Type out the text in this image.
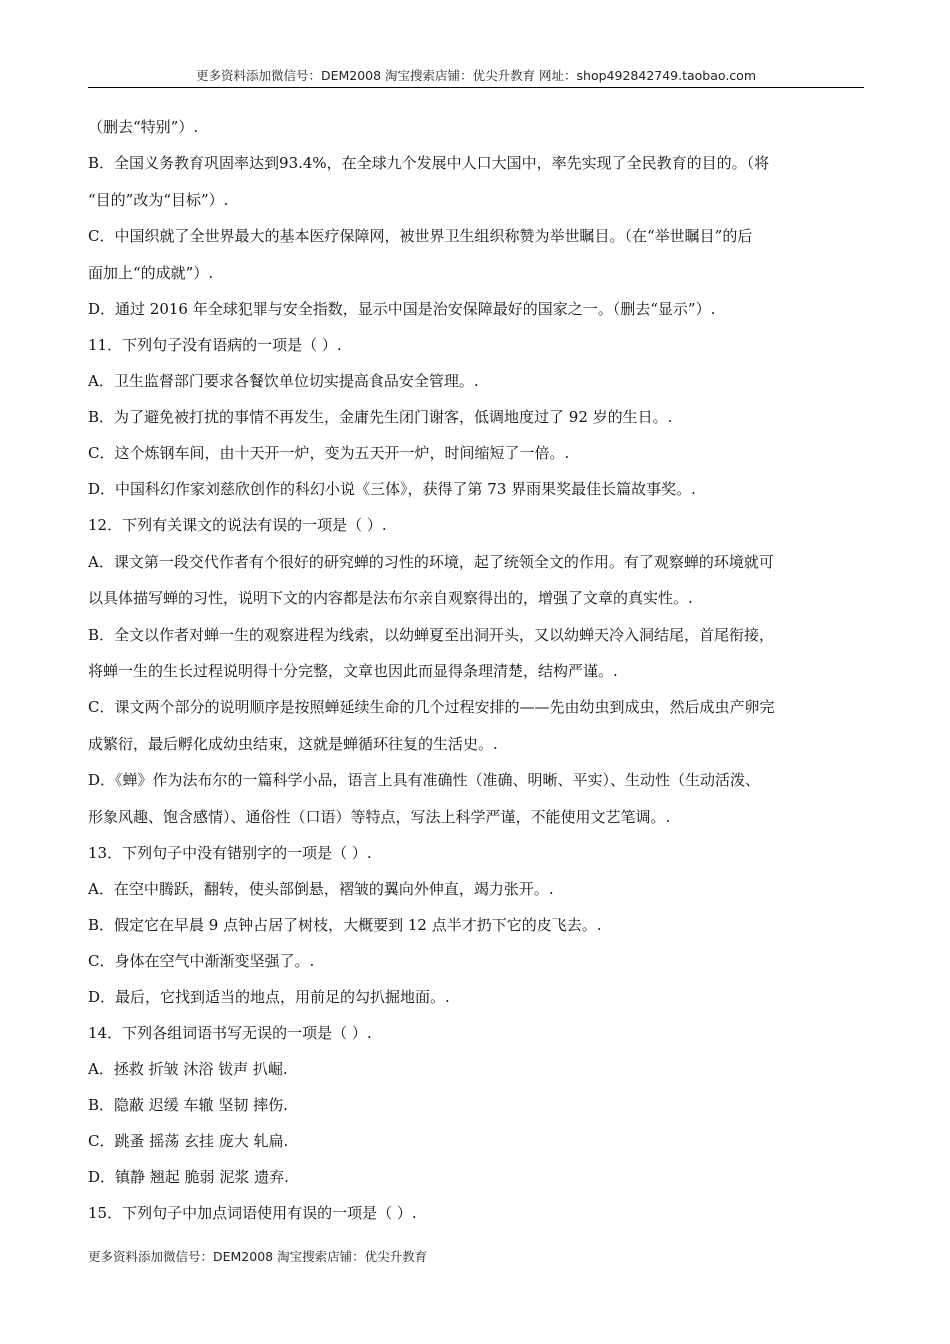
更多资料添加微信号：DEM2008 淘宝搜索店铺：优尖升教育 网址：shop492842749.taobao.com
（删去“特别”）.
B．全国义务教育巩固率达到93.4%，在全球九个发展中人口大国中，率先实现了全民教育的目的。（将
“目的”改为“目标”）.
C．中国织就了全世界最大的基本医疗保障网，被世界卫生组织称赞为举世瞩目。（在“举世瞩目”的后
面加上“的成就”）.
D．通过 2016 年全球犯罪与安全指数，显示中国是治安保障最好的国家之一。（删去“显示”）.
11．下列句子没有语病的一项是（ ）.
A．卫生监督部门要求各餐饮单位切实提高食品安全管理。.
B．为了避免被打扰的事情不再发生，金庸先生闭门谢客，低调地度过了 92 岁的生日。.
C．这个炼钢车间，由十天开一炉，变为五天开一炉，时间缩短了一倍。.
D．中国科幻作家刘慈欣创作的科幻小说《三体》，获得了第 73 界雨果奖最佳长篇故事奖。.
12．下列有关课文的说法有误的一项是（ ）.
A．课文第一段交代作者有个很好的研究蝉的习性的环境，起了统领全文的作用。有了观察蝉的环境就可
以具体描写蝉的习性，说明下文的内容都是法布尔亲自观察得出的，增强了文章的真实性。.
B．全文以作者对蝉一生的观察进程为线索，以幼蝉夏至出洞开头，又以幼蝉天冷入洞结尾，首尾衔接，
将蝉一生的生长过程说明得十分完整，文章也因此而显得条理清楚，结构严谨。.
C．课文两个部分的说明顺序是按照蝉延续生命的几个过程安排的——先由幼虫到成虫，然后成虫产卵完
成繁衍，最后孵化成幼虫结束，这就是蝉循环往复的生活史。.
D．《蝉》作为法布尔的一篇科学小品，语言上具有准确性（准确、明晰、平实）、生动性（生动活泼、
形象风趣、饱含感情）、通俗性（口语）等特点，写法上科学严谨，不能使用文艺笔调。.
13．下列句子中没有错别字的一项是（ ）.
A．在空中腾跃，翻转，使头部倒悬，褶皱的翼向外伸直，竭力张开。.
B．假定它在早晨 9 点钟占居了树枝，大概要到 12 点半才扔下它的皮飞去。.
C．身体在空气中渐渐变坚强了。.
D．最后，它找到适当的地点，用前足的勾扒掘地面。.
14．下列各组词语书写无误的一项是（ ）.
A．拯救 折皱 沐浴 钹声 扒崛.
B．隐蔽 迟缓 车辙 坚韧 摔伤.
C．跳蚤 摇荡 玄挂 庞大 轧扁.
D．镇静 翘起 脆弱 泥浆 遗弃.
15．下列句子中加点词语使用有误的一项是（ ）.
更多资料添加微信号：DEM2008 淘宝搜索店铺：优尖升教育
